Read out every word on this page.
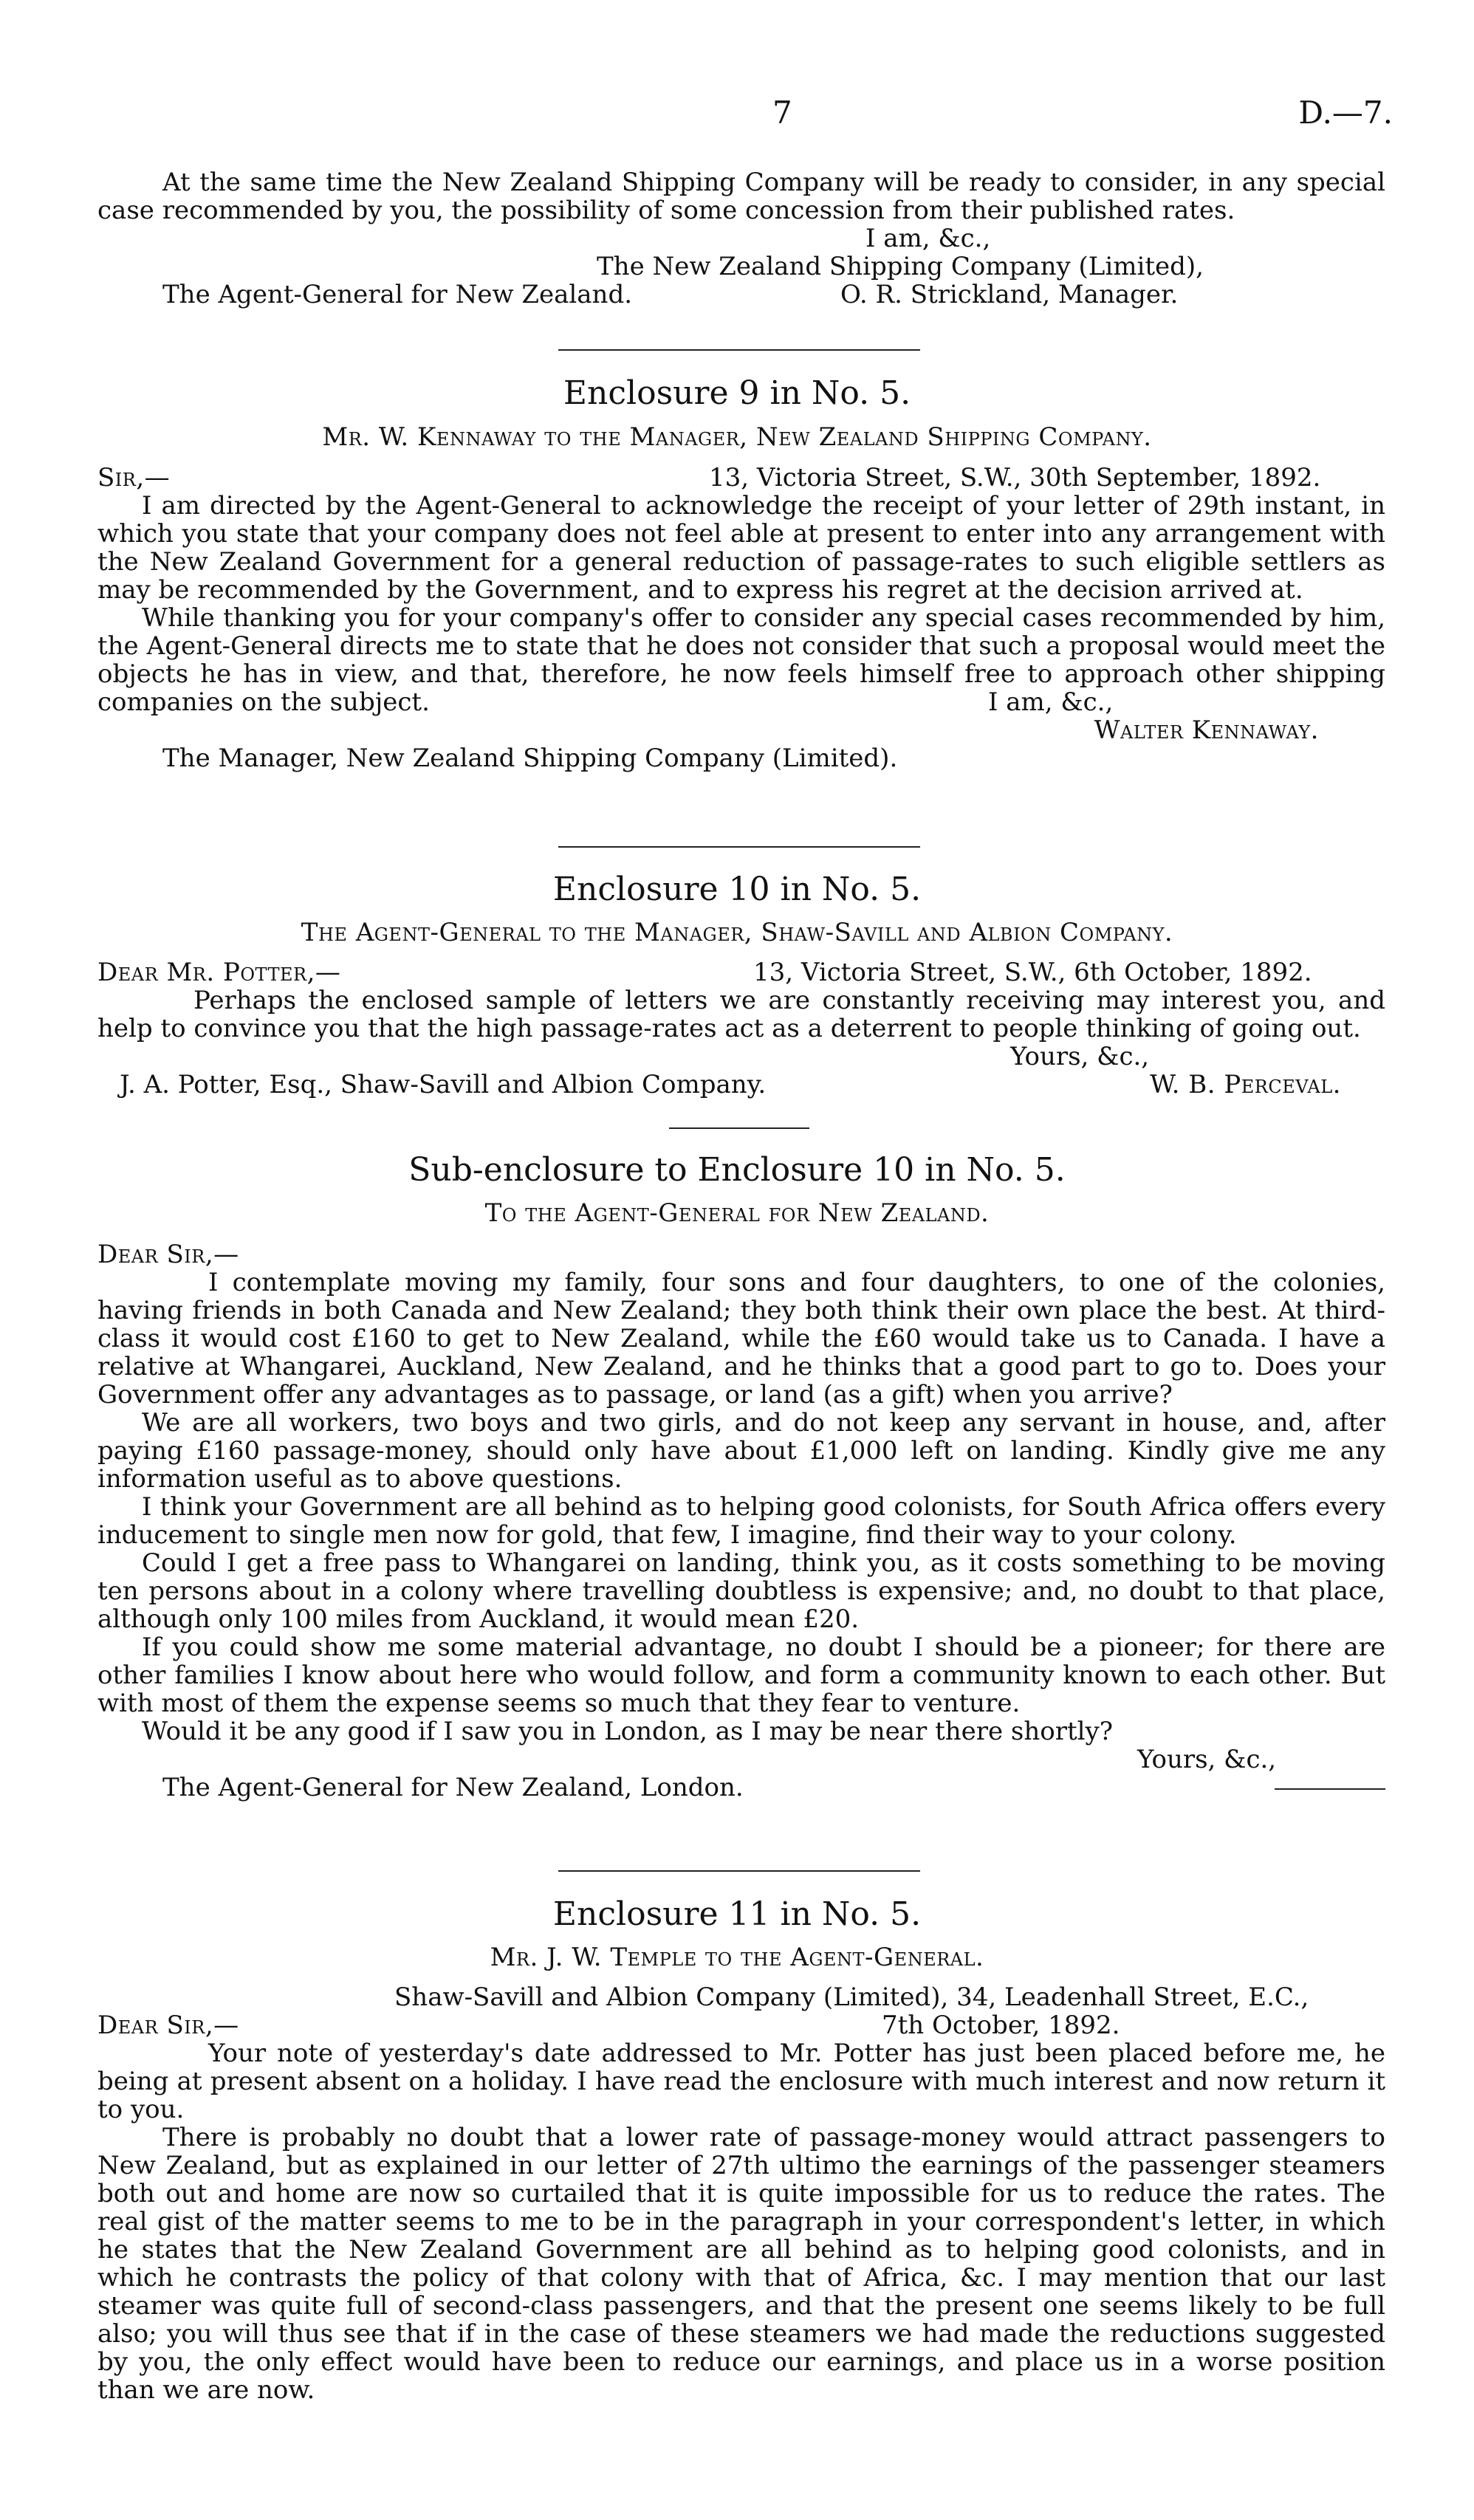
7	D.—7.

At the same time the New Zealand Shipping Company will be ready to consider, in any special case recommended by you, the possibility of some concession from their published rates.

I am, &c.,
The New Zealand Shipping Company (Limited),
The Agent-General for New Zealand.	O. R. Strickland, Manager.
Enclosure 9 in No. 5.
Mr. W. Kennaway to the Manager, New Zealand Shipping Company.
Sir,—	13, Victoria Street, S.W., 30th September, 1892.

I am directed by the Agent-General to acknowledge the receipt of your letter of 29th instant, in which you state that your company does not feel able at present to enter into any arrangement with the New Zealand Government for a general reduction of passage-rates to such eligible settlers as may be recommended by the Government, and to express his regret at the decision arrived at.

While thanking you for your company's offer to consider any special cases recommended by him, the Agent-General directs me to state that he does not consider that such a proposal would meet the objects he has in view, and that, therefore, he now feels himself free to approach other shipping companies on the subject.	I am, &c.,
Walter Kennaway.
The Manager, New Zealand Shipping Company (Limited).
Enclosure 10 in No. 5.
The Agent-General to the Manager, Shaw-Savill and Albion Company.
Dear Mr. Potter,—	13, Victoria Street, S.W., 6th October, 1892.

Perhaps the enclosed sample of letters we are constantly receiving may interest you, and help to convince you that the high passage-rates act as a deterrent to people thinking of going out.

Yours, &c.,
J. A. Potter, Esq., Shaw-Savill and Albion Company.	W. B. Perceval.
Sub-enclosure to Enclosure 10 in No. 5.
To the Agent-General for New Zealand.
Dear Sir,—

I contemplate moving my family, four sons and four daughters, to one of the colonies, having friends in both Canada and New Zealand; they both think their own place the best. At third-class it would cost £160 to get to New Zealand, while the £60 would take us to Canada. I have a relative at Whangarei, Auckland, New Zealand, and he thinks that a good part to go to. Does your Government offer any advantages as to passage, or land (as a gift) when you arrive?

We are all workers, two boys and two girls, and do not keep any servant in house, and, after paying £160 passage-money, should only have about £1,000 left on landing. Kindly give me any information useful as to above questions.

I think your Government are all behind as to helping good colonists, for South Africa offers every inducement to single men now for gold, that few, I imagine, find their way to your colony.

Could I get a free pass to Whangarei on landing, think you, as it costs something to be moving ten persons about in a colony where travelling doubtless is expensive; and, no doubt to that place, although only 100 miles from Auckland, it would mean £20.

If you could show me some material advantage, no doubt I should be a pioneer; for there are other families I know about here who would follow, and form a community known to each other. But with most of them the expense seems so much that they fear to venture.

Would it be any good if I saw you in London, as I may be near there shortly?

Yours, &c.,
The Agent-General for New Zealand, London.
Enclosure 11 in No. 5.
Mr. J. W. Temple to the Agent-General.
Shaw-Savill and Albion Company (Limited), 34, Leadenhall Street, E.C.,
Dear Sir,—	7th October, 1892.

Your note of yesterday's date addressed to Mr. Potter has just been placed before me, he being at present absent on a holiday. I have read the enclosure with much interest and now return it to you.

There is probably no doubt that a lower rate of passage-money would attract passengers to New Zealand, but as explained in our letter of 27th ultimo the earnings of the passenger steamers both out and home are now so curtailed that it is quite impossible for us to reduce the rates. The real gist of the matter seems to me to be in the paragraph in your correspondent's letter, in which he states that the New Zealand Government are all behind as to helping good colonists, and in which he contrasts the policy of that colony with that of Africa, &c. I may mention that our last steamer was quite full of second-class passengers, and that the present one seems likely to be full also; you will thus see that if in the case of these steamers we had made the reductions suggested by you, the only effect would have been to reduce our earnings, and place us in a worse position than we are now.
